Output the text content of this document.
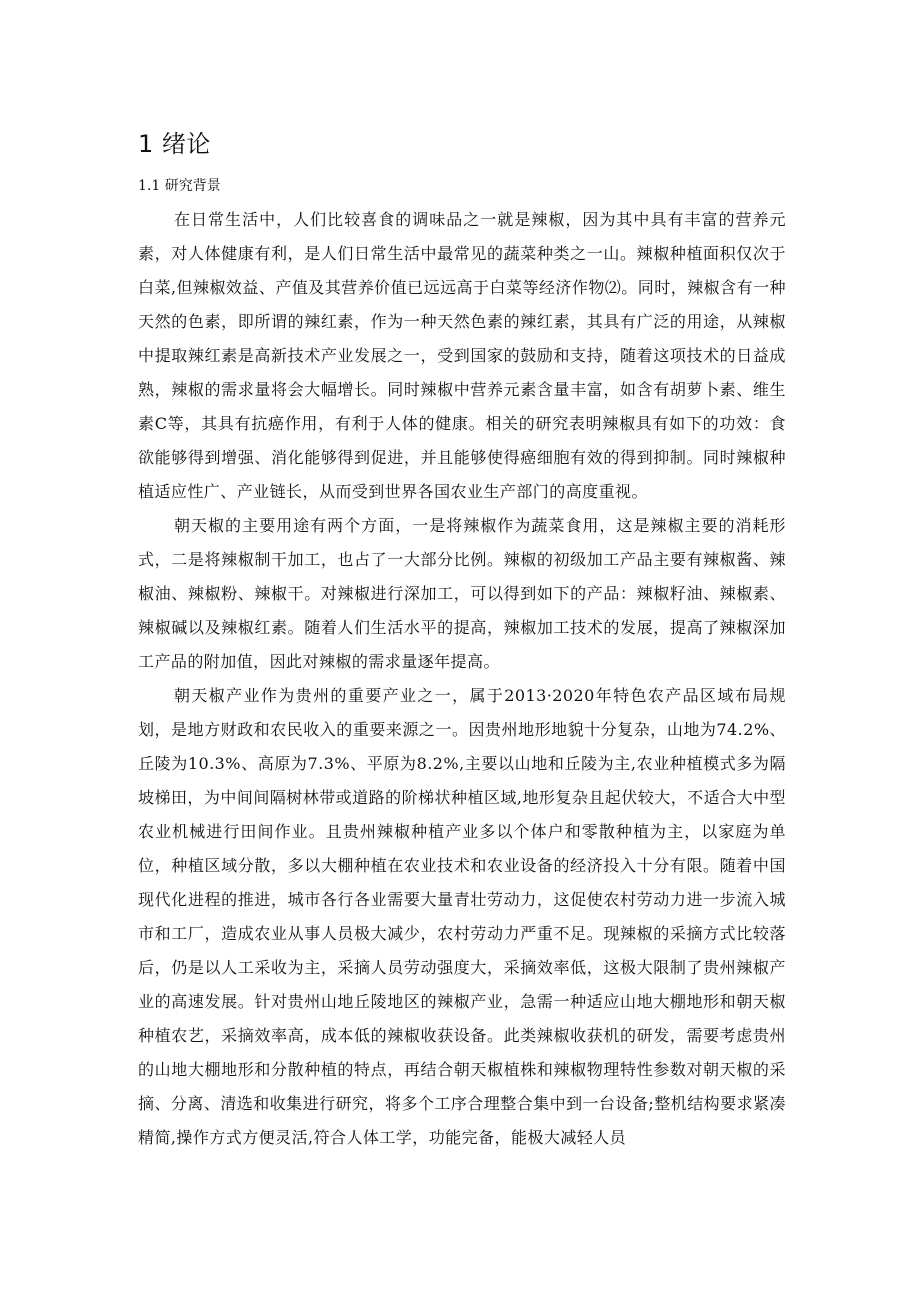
1 绪论
1.1 研究背景

在日常生活中，人们比较喜食的调味品之一就是辣椒，因为其中具有丰富的营养元素，对人体健康有利，是人们日常生活中最常见的蔬菜种类之一山。辣椒种植面积仅次于白菜,但辣椒效益、产值及其营养价值已远远高于白菜等经济作物⑵。同时，辣椒含有一种天然的色素，即所谓的辣红素，作为一种天然色素的辣红素，其具有广泛的用途，从辣椒中提取辣红素是高新技术产业发展之一，受到国家的鼓励和支持，随着这项技术的日益成熟，辣椒的需求量将会大幅增长。同时辣椒中营养元素含量丰富，如含有胡萝卜素、维生素C等，其具有抗癌作用，有利于人体的健康。相关的研究表明辣椒具有如下的功效：食欲能够得到增强、消化能够得到促进，并且能够使得癌细胞有效的得到抑制。同时辣椒种植适应性广、产业链长，从而受到世界各国农业生产部门的高度重视。

朝天椒的主要用途有两个方面，一是将辣椒作为蔬菜食用，这是辣椒主要的消耗形式，二是将辣椒制干加工，也占了一大部分比例。辣椒的初级加工产品主要有辣椒酱、辣椒油、辣椒粉、辣椒干。对辣椒进行深加工，可以得到如下的产品：辣椒籽油、辣椒素、辣椒碱以及辣椒红素。随着人们生活水平的提高，辣椒加工技术的发展，提高了辣椒深加工产品的附加值，因此对辣椒的需求量逐年提高。

朝天椒产业作为贵州的重要产业之一，属于2013·2020年特色农产品区域布局规划，是地方财政和农民收入的重要来源之一。因贵州地形地貌十分复杂，山地为74.2%、丘陵为10.3%、高原为7.3%、平原为8.2%,主要以山地和丘陵为主,农业种植模式多为隔坡梯田，为中间间隔树林带或道路的阶梯状种植区域,地形复杂且起伏较大，不适合大中型农业机械进行田间作业。且贵州辣椒种植产业多以个体户和零散种植为主，以家庭为单位，种植区域分散，多以大棚种植在农业技术和农业设备的经济投入十分有限。随着中国现代化进程的推进，城市各行各业需要大量青壮劳动力，这促使农村劳动力进一步流入城市和工厂，造成农业从事人员极大减少，农村劳动力严重不足。现辣椒的采摘方式比较落后，仍是以人工采收为主，采摘人员劳动强度大，采摘效率低，这极大限制了贵州辣椒产业的高速发展。针对贵州山地丘陵地区的辣椒产业，急需一种适应山地大棚地形和朝天椒种植农艺，采摘效率高，成本低的辣椒收获设备。此类辣椒收获机的研发，需要考虑贵州的山地大棚地形和分散种植的特点，再结合朝天椒植株和辣椒物理特性参数对朝天椒的采摘、分离、清选和收集进行研究，将多个工序合理整合集中到一台设备;整机结构要求紧凑精简,操作方式方便灵活,符合人体工学，功能完备，能极大减轻人员
